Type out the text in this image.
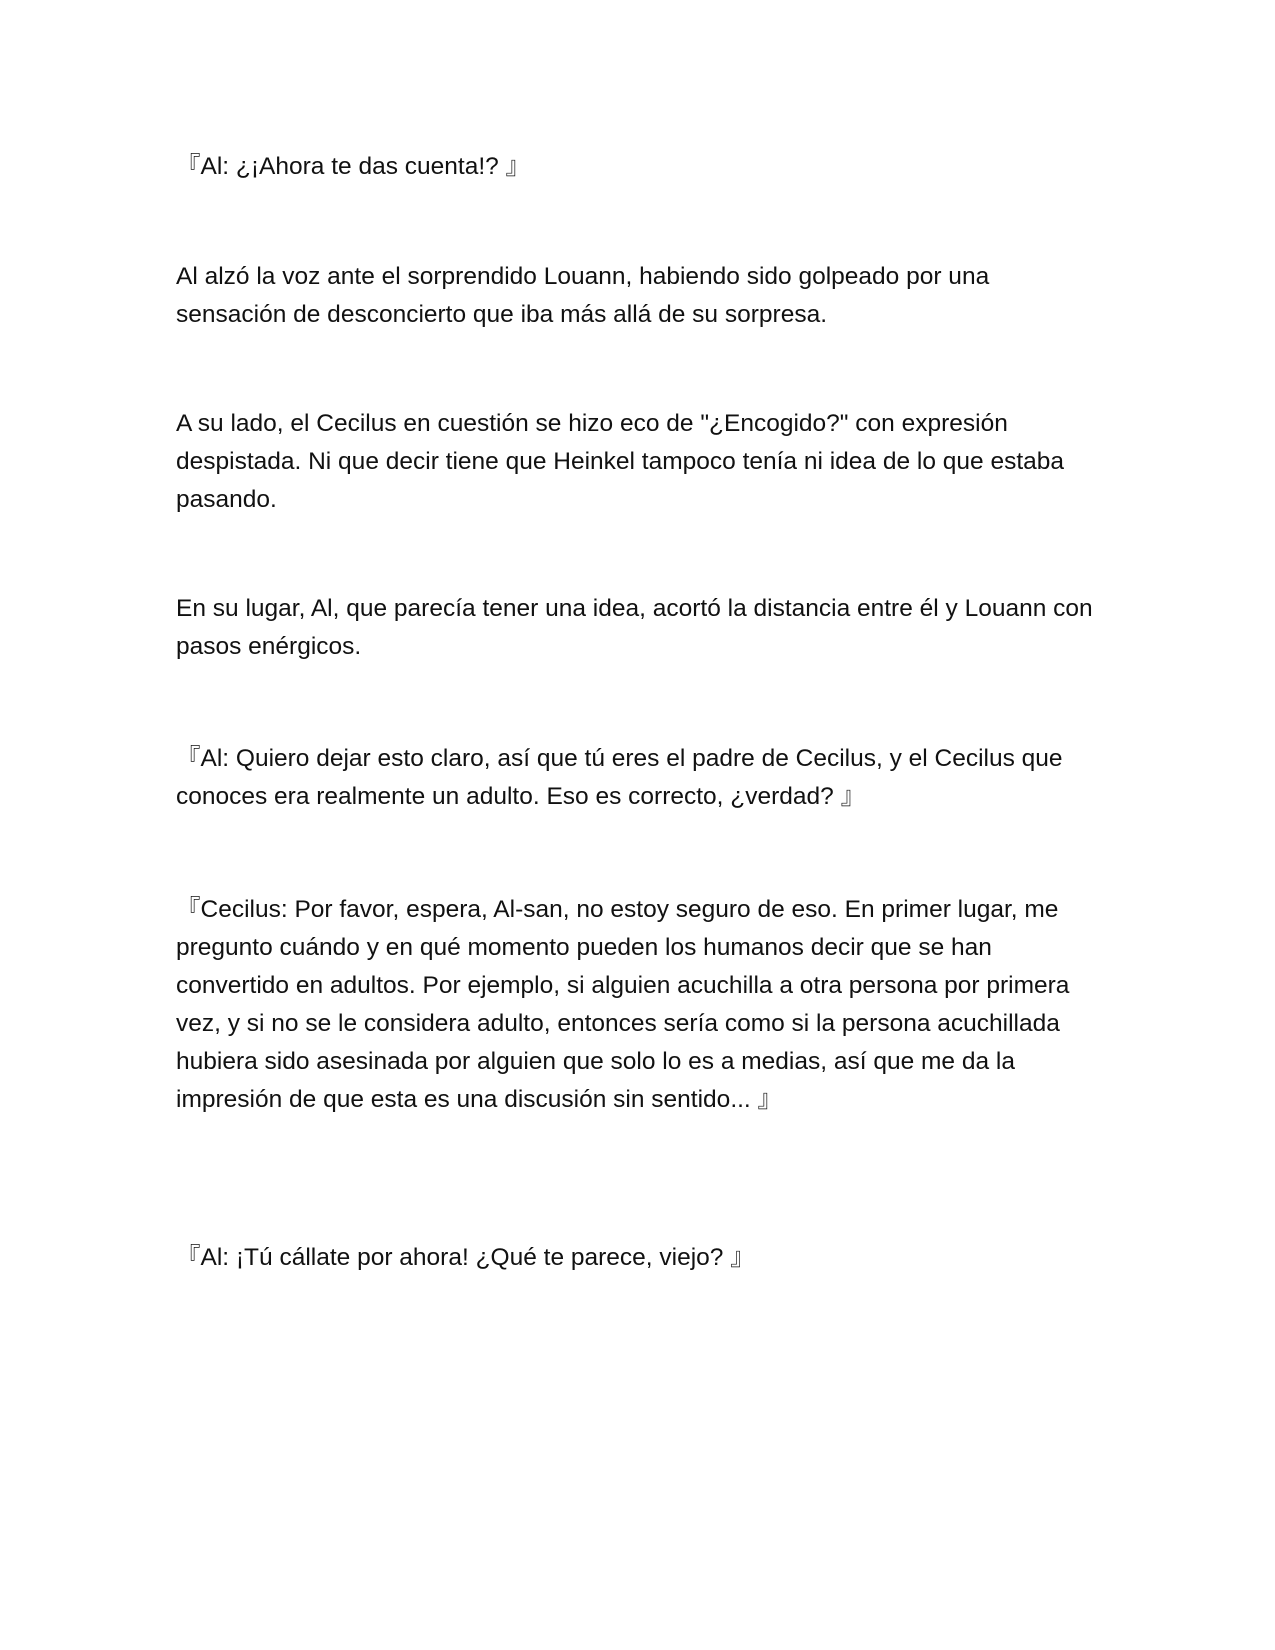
『Al: ¿¡Ahora te das cuenta!? 』

Al alzó la voz ante el sorprendido Louann, habiendo sido golpeado por una sensación de desconcierto que iba más allá de su sorpresa.

A su lado, el Cecilus en cuestión se hizo eco de "¿Encogido?" con expresión despistada. Ni que decir tiene que Heinkel tampoco tenía ni idea de lo que estaba pasando.

En su lugar, Al, que parecía tener una idea, acortó la distancia entre él y Louann con pasos enérgicos.

『Al: Quiero dejar esto claro, así que tú eres el padre de Cecilus, y el Cecilus que conoces era realmente un adulto. Eso es correcto, ¿verdad? 』

『Cecilus: Por favor, espera, Al-san, no estoy seguro de eso. En primer lugar, me pregunto cuándo y en qué momento pueden los humanos decir que se han convertido en adultos. Por ejemplo, si alguien acuchilla a otra persona por primera vez, y si no se le considera adulto, entonces sería como si la persona acuchillada hubiera sido asesinada por alguien que solo lo es a medias, así que me da la impresión de que esta es una discusión sin sentido... 』

『Al: ¡Tú cállate por ahora! ¿Qué te parece, viejo? 』
